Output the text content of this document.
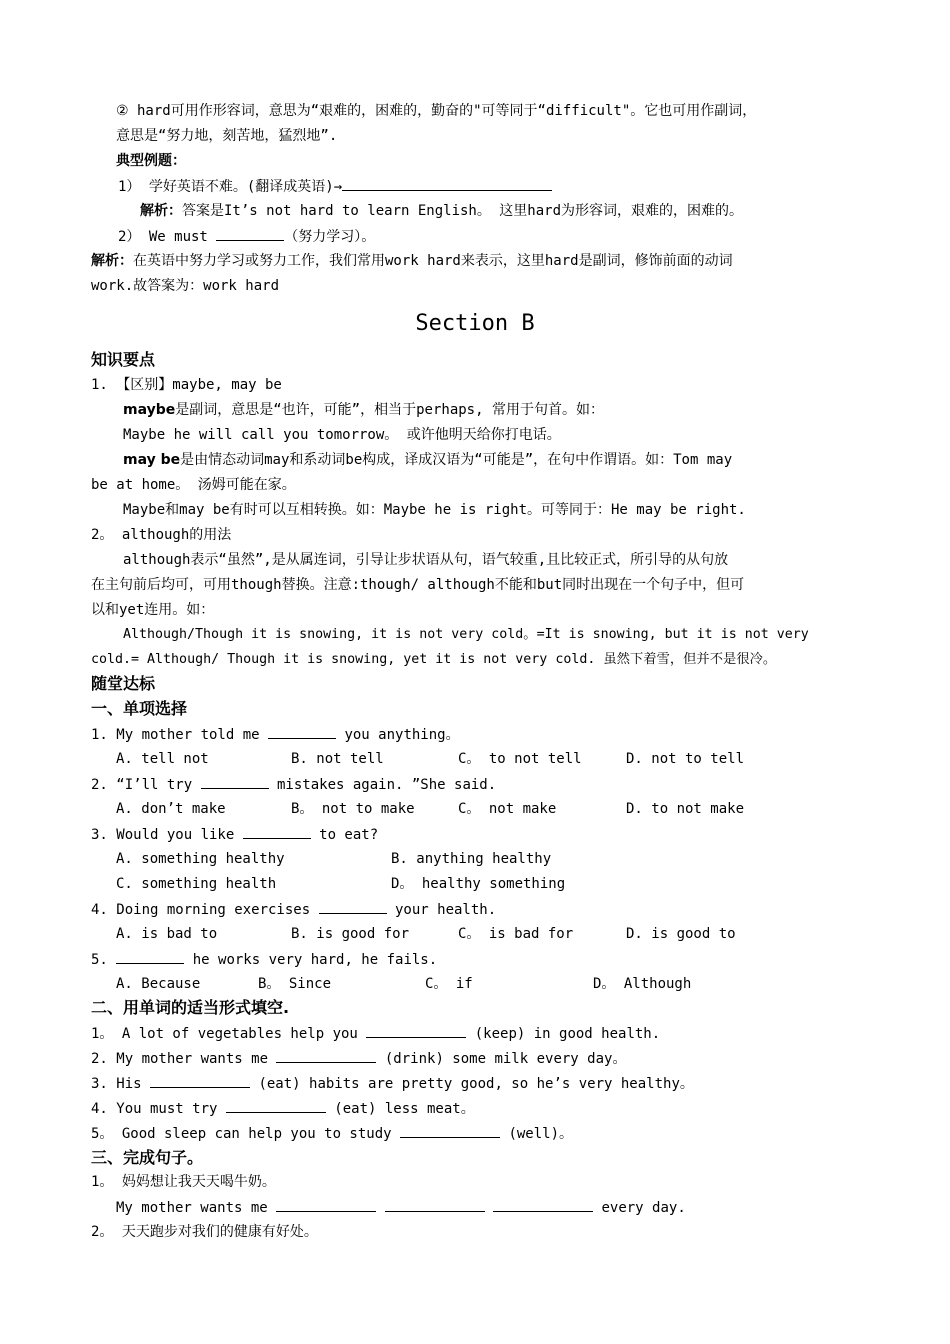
② hard可用作形容词，意思为“艰难的，困难的，勤奋的"可等同于“difficult"。它也可用作副词，
意思是“努力地，刻苦地，猛烈地”.
典型例题：
1） 学好英语不难。(翻译成英语)→
解析：答案是It’s not hard to learn English。 这里hard为形容词，艰难的，困难的。
2） We must	（努力学习）。
解析：在英语中努力学习或努力工作，我们常用work hard来表示，这里hard是副词，修饰前面的动词
work.故答案为：work hard
Section B
知识要点
1. 【区别】maybe, may be
maybe是副词，意思是“也许，可能”，相当于perhaps, 常用于句首。如：
Maybe he will call you tomorrow。 或许他明天给你打电话。
may be是由情态动词may和系动词be构成，译成汉语为“可能是”，在句中作谓语。如：Tom may
be at home。 汤姆可能在家。
Maybe和may be有时可以互相转换。如：Maybe he is right。可等同于：He may be right.
2。 although的用法
although表示“虽然”,是从属连词，引导让步状语从句，语气较重,且比较正式，所引导的从句放
在主句前后均可，可用though替换。注意:though/ although不能和but同时出现在一个句子中，但可
以和yet连用。如：
Although/Though it is snowing, it is not very cold。=It is snowing, but it is not very
cold.= Although/ Though it is snowing, yet it is not very cold. 虽然下着雪，但并不是很冷。
随堂达标
一、单项选择
1. My mother told me	you anything。
A. tell not	B. not tell	C。 to not tell	D. not to tell
2. “I’ll try	mistakes again. ”She said.
A. don’t make	B。 not to make	C。 not make	D. to not make
3. Would you like	to eat?
A. something healthy	B. anything healthy
C. something health	D。 healthy something
4. Doing morning exercises	your health.
A. is bad to	B. is good for	C。 is bad for	D. is good to
5.	he works very hard, he fails.
A. Because	B。 Since	C。 if	D。 Although
二、用单词的适当形式填空.
1。 A lot of vegetables help you	(keep) in good health.
2. My mother wants me	(drink) some milk every day。
3. His	(eat) habits are pretty good, so he’s very healthy。
4. You must try	(eat) less meat。
5。 Good sleep can help you to study	(well)。
三、完成句子。
1。 妈妈想让我天天喝牛奶。
My mother wants me	every day.
2。 天天跑步对我们的健康有好处。
